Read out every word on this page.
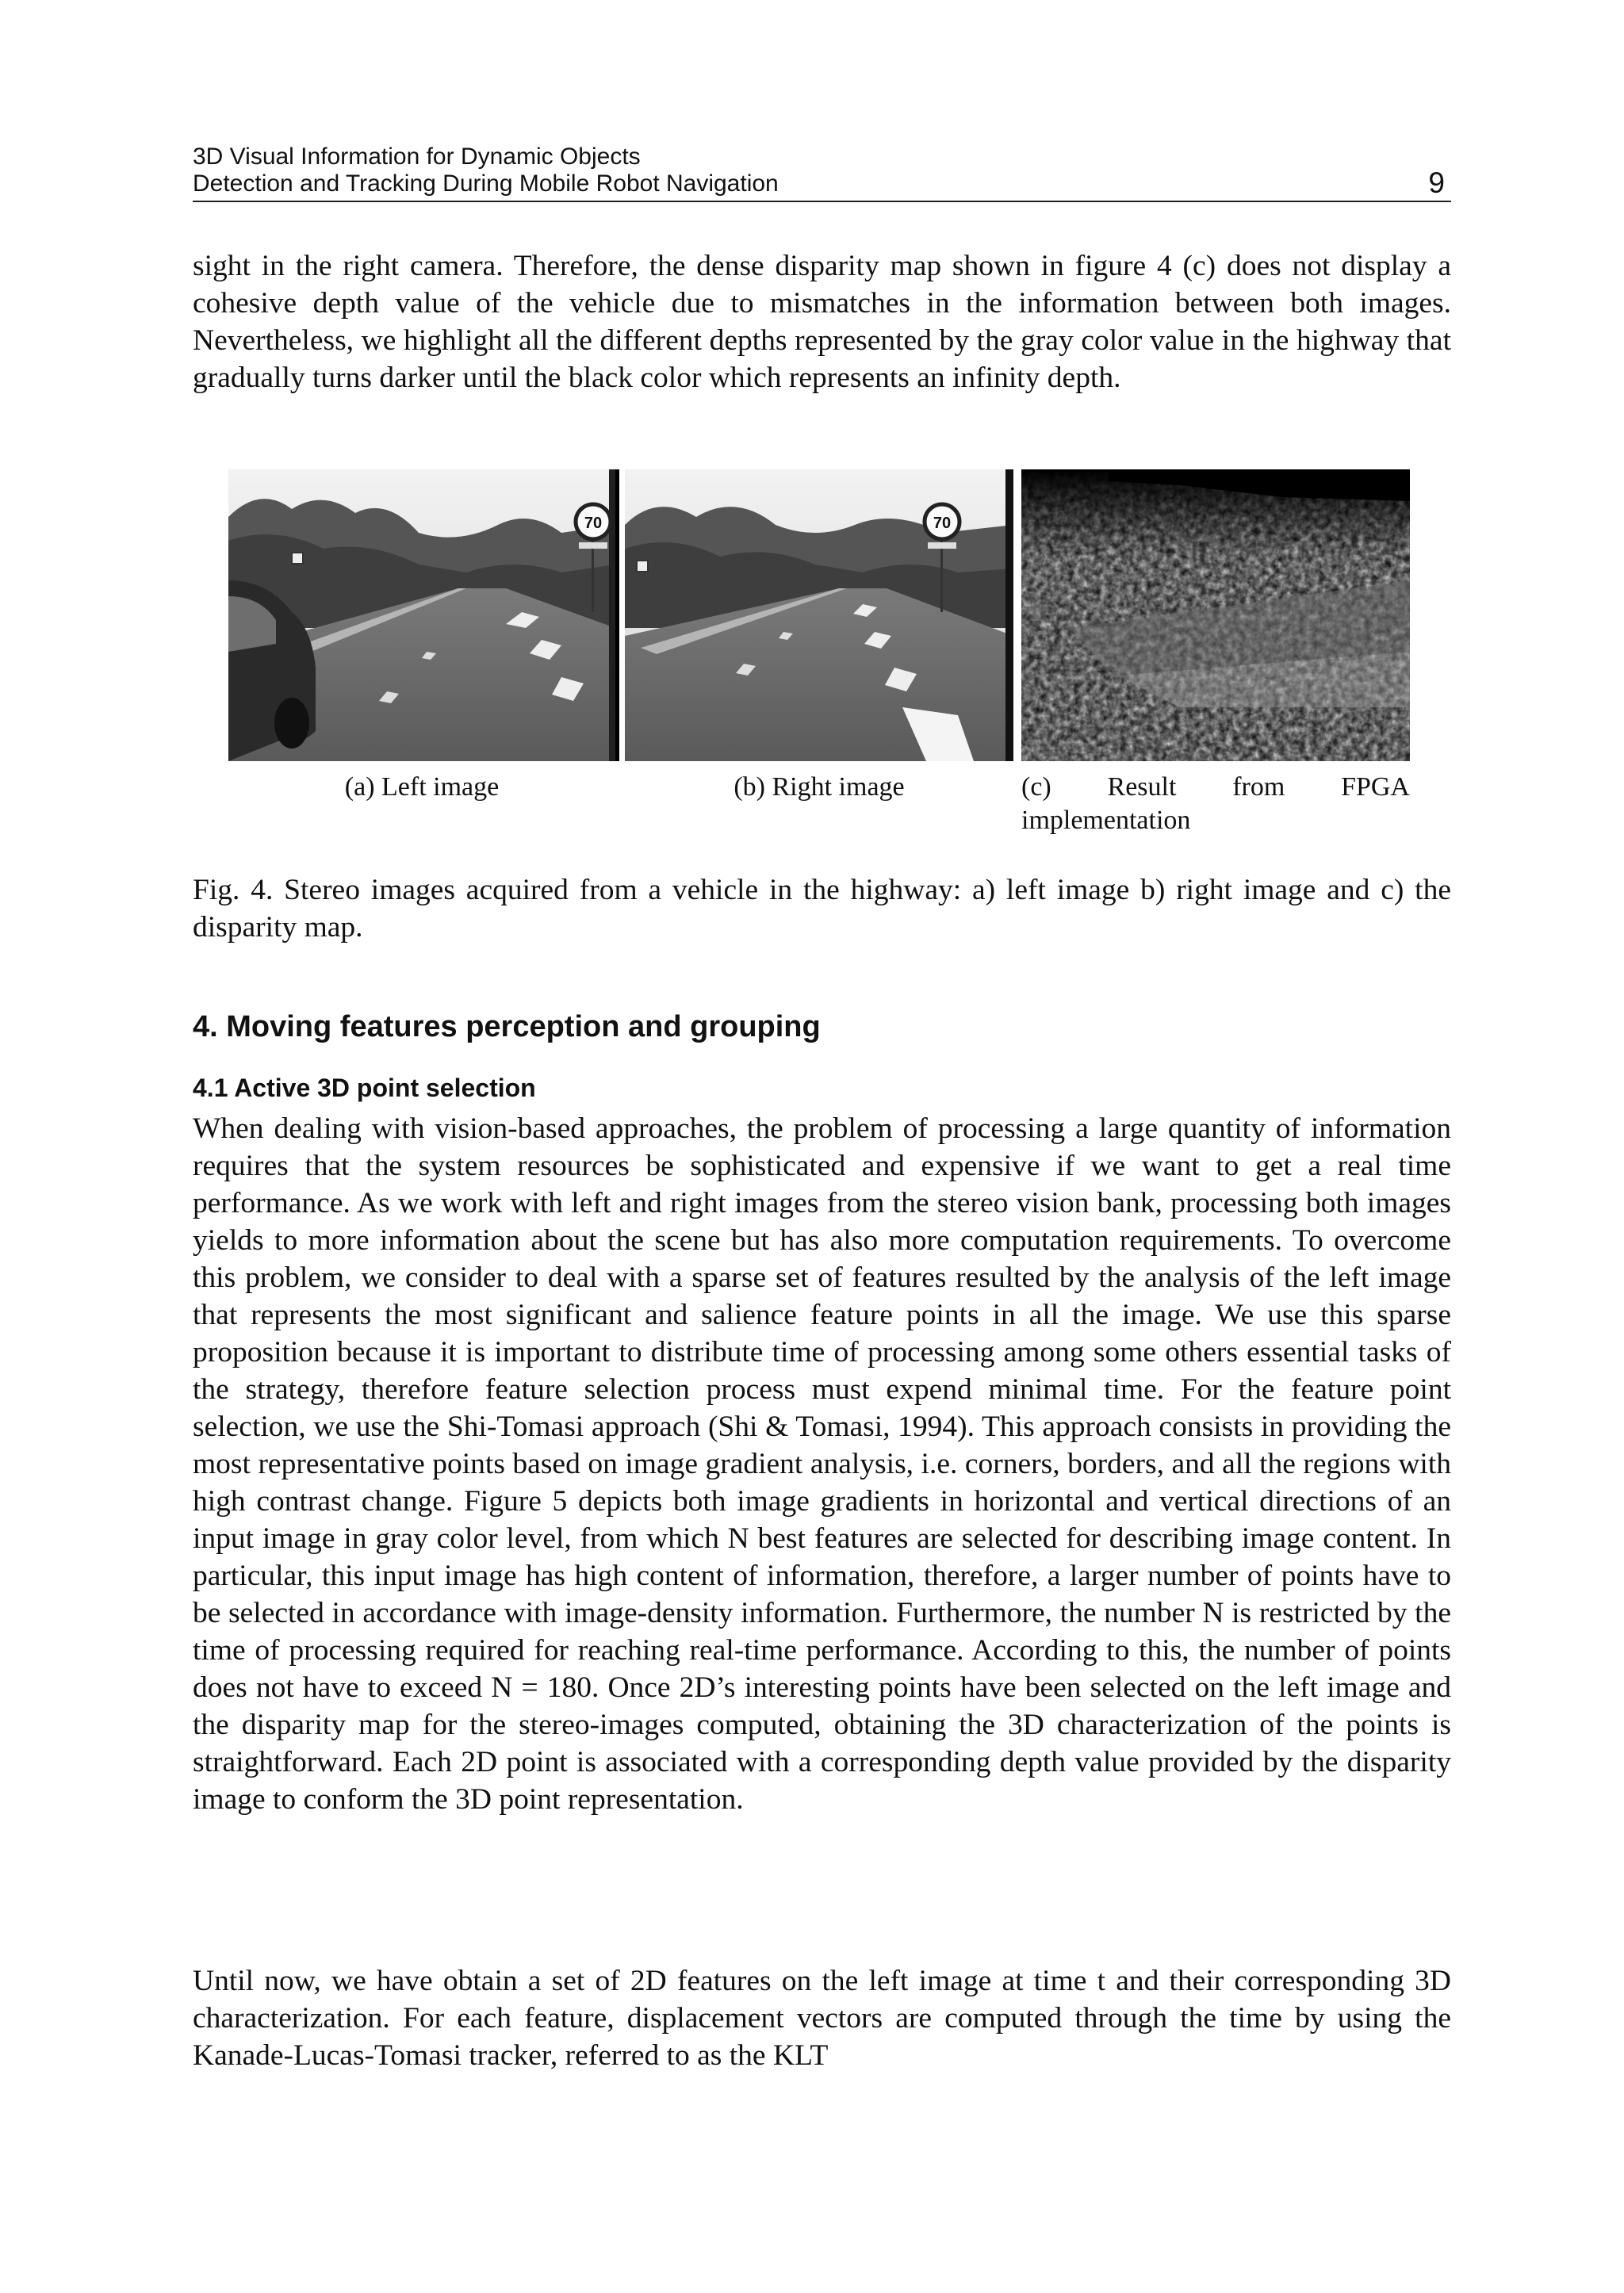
3D Visual Information for Dynamic Objects
Detection and Tracking During Mobile Robot Navigation	9

sight in the right camera. Therefore, the dense disparity map shown in figure 4 (c) does not display a cohesive depth value of the vehicle due to mismatches in the information between both images. Nevertheless, we highlight all the different depths represented by the gray color value in the highway that gradually turns darker until the black color which represents an infinity depth.

70	70
(a) Left image	(b) Right image	(c) Result from FPGA
implementation

Fig. 4. Stereo images acquired from a vehicle in the highway: a) left image b) right image and c) the disparity map.

4. Moving features perception and grouping
4.1 Active 3D point selection

When dealing with vision-based approaches, the problem of processing a large quantity of information requires that the system resources be sophisticated and expensive if we want to get a real time performance. As we work with left and right images from the stereo vision bank, processing both images yields to more information about the scene but has also more computation requirements. To overcome this problem, we consider to deal with a sparse set of features resulted by the analysis of the left image that represents the most significant and salience feature points in all the image. We use this sparse proposition because it is important to distribute time of processing among some others essential tasks of the strategy, therefore feature selection process must expend minimal time. For the feature point selection, we use the Shi-Tomasi approach (Shi & Tomasi, 1994). This approach consists in providing the most representative points based on image gradient analysis, i.e. corners, borders, and all the regions with high contrast change. Figure 5 depicts both image gradients in horizontal and vertical directions of an input image in gray color level, from which N best features are selected for describing image content. In particular, this input image has high content of information, therefore, a larger number of points have to be selected in accordance with image-density information. Furthermore, the number N is restricted by the time of processing required for reaching real-time performance. According to this, the number of points does not have to exceed N = 180. Once 2D’s interesting points have been selected on the left image and the disparity map for the stereo-images computed, obtaining the 3D characterization of the points is straightforward. Each 2D point is associated with a corresponding depth value provided by the disparity image to conform the 3D point representation.

Until now, we have obtain a set of 2D features on the left image at time t and their corresponding 3D characterization. For each feature, displacement vectors are computed through the time by using the Kanade-Lucas-Tomasi tracker, referred to as the KLT
